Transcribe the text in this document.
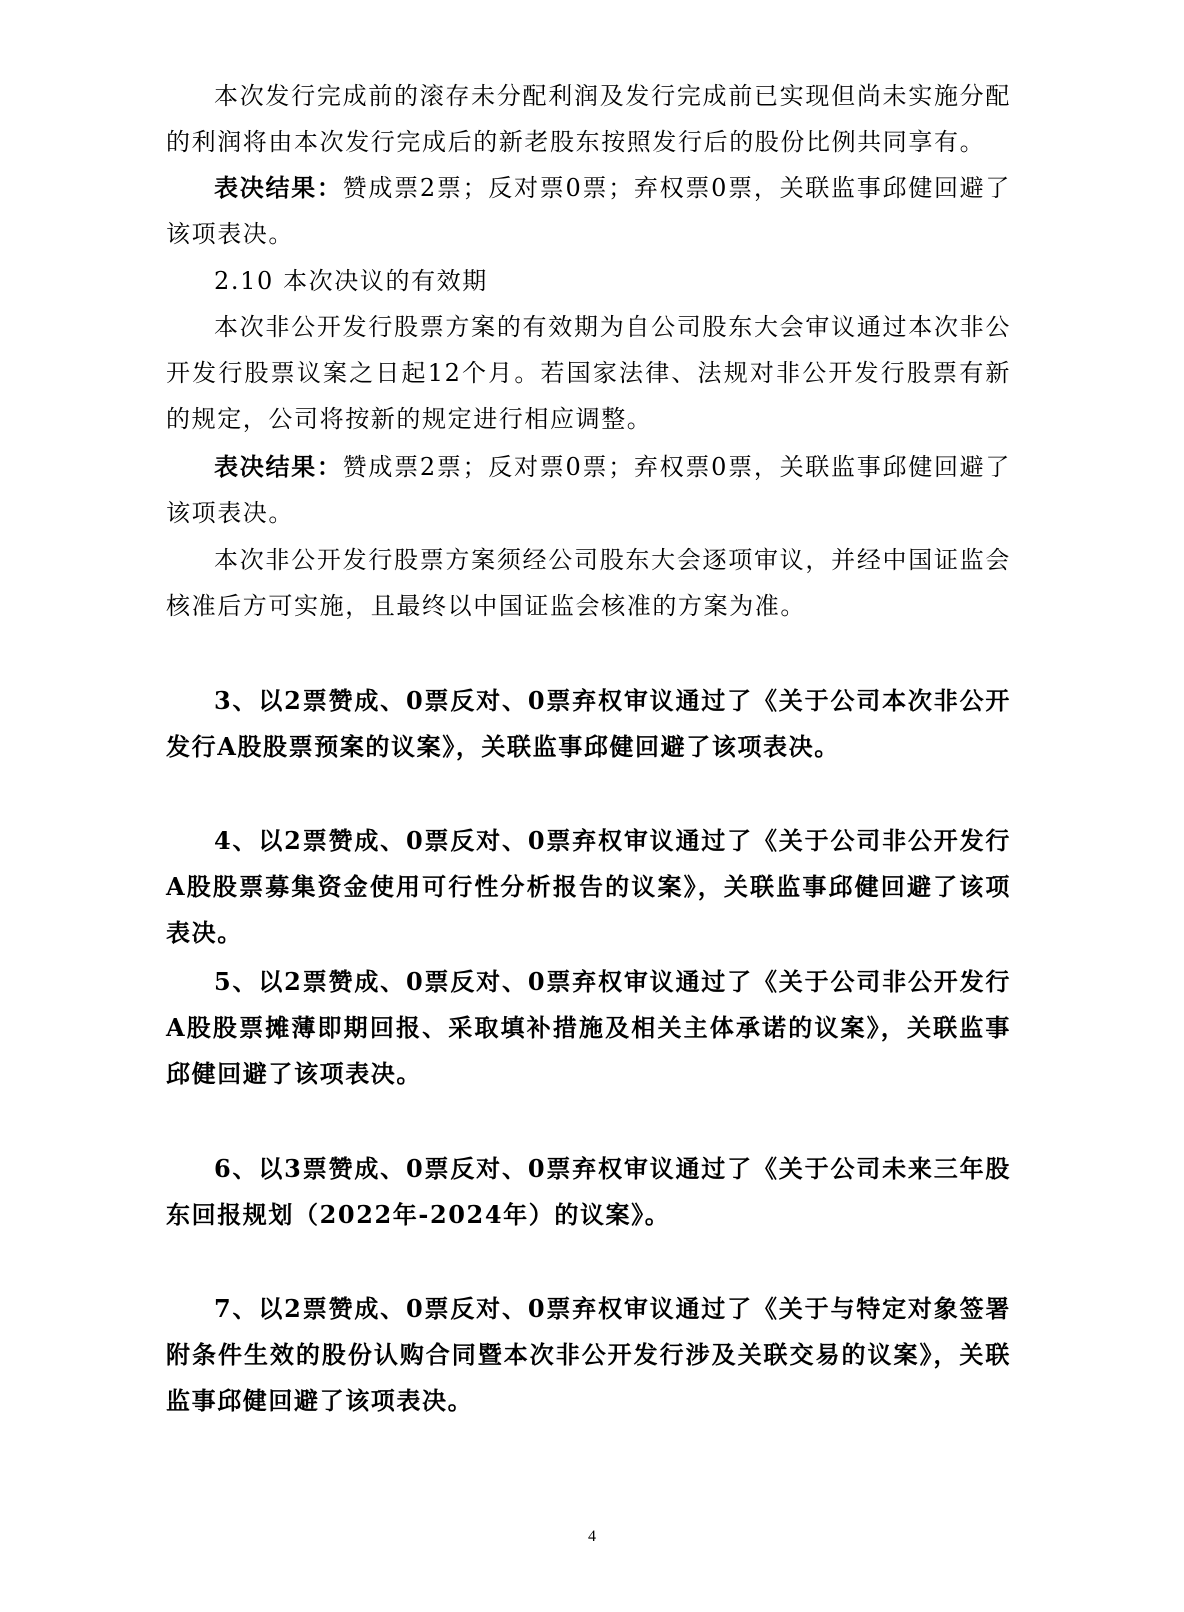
本次发行完成前的滚存未分配利润及发行完成前已实现但尚未实施分配的利润将由本次发行完成后的新老股东按照发行后的股份比例共同享有。

表决结果：赞成票2票；反对票0票；弃权票0票，关联监事邱健回避了该项表决。

2.10 本次决议的有效期

本次非公开发行股票方案的有效期为自公司股东大会审议通过本次非公开发行股票议案之日起12个月。若国家法律、法规对非公开发行股票有新的规定，公司将按新的规定进行相应调整。

表决结果：赞成票2票；反对票0票；弃权票0票，关联监事邱健回避了该项表决。

本次非公开发行股票方案须经公司股东大会逐项审议，并经中国证监会核准后方可实施，且最终以中国证监会核准的方案为准。

3、以2票赞成、0票反对、0票弃权审议通过了《关于公司本次非公开发行A股股票预案的议案》，关联监事邱健回避了该项表决。

4、以2票赞成、0票反对、0票弃权审议通过了《关于公司非公开发行A股股票募集资金使用可行性分析报告的议案》，关联监事邱健回避了该项表决。

5、以2票赞成、0票反对、0票弃权审议通过了《关于公司非公开发行A股股票摊薄即期回报、采取填补措施及相关主体承诺的议案》，关联监事邱健回避了该项表决。

6、以3票赞成、0票反对、0票弃权审议通过了《关于公司未来三年股东回报规划（2022年-2024年）的议案》。

7、以2票赞成、0票反对、0票弃权审议通过了《关于与特定对象签署附条件生效的股份认购合同暨本次非公开发行涉及关联交易的议案》，关联监事邱健回避了该项表决。

4
